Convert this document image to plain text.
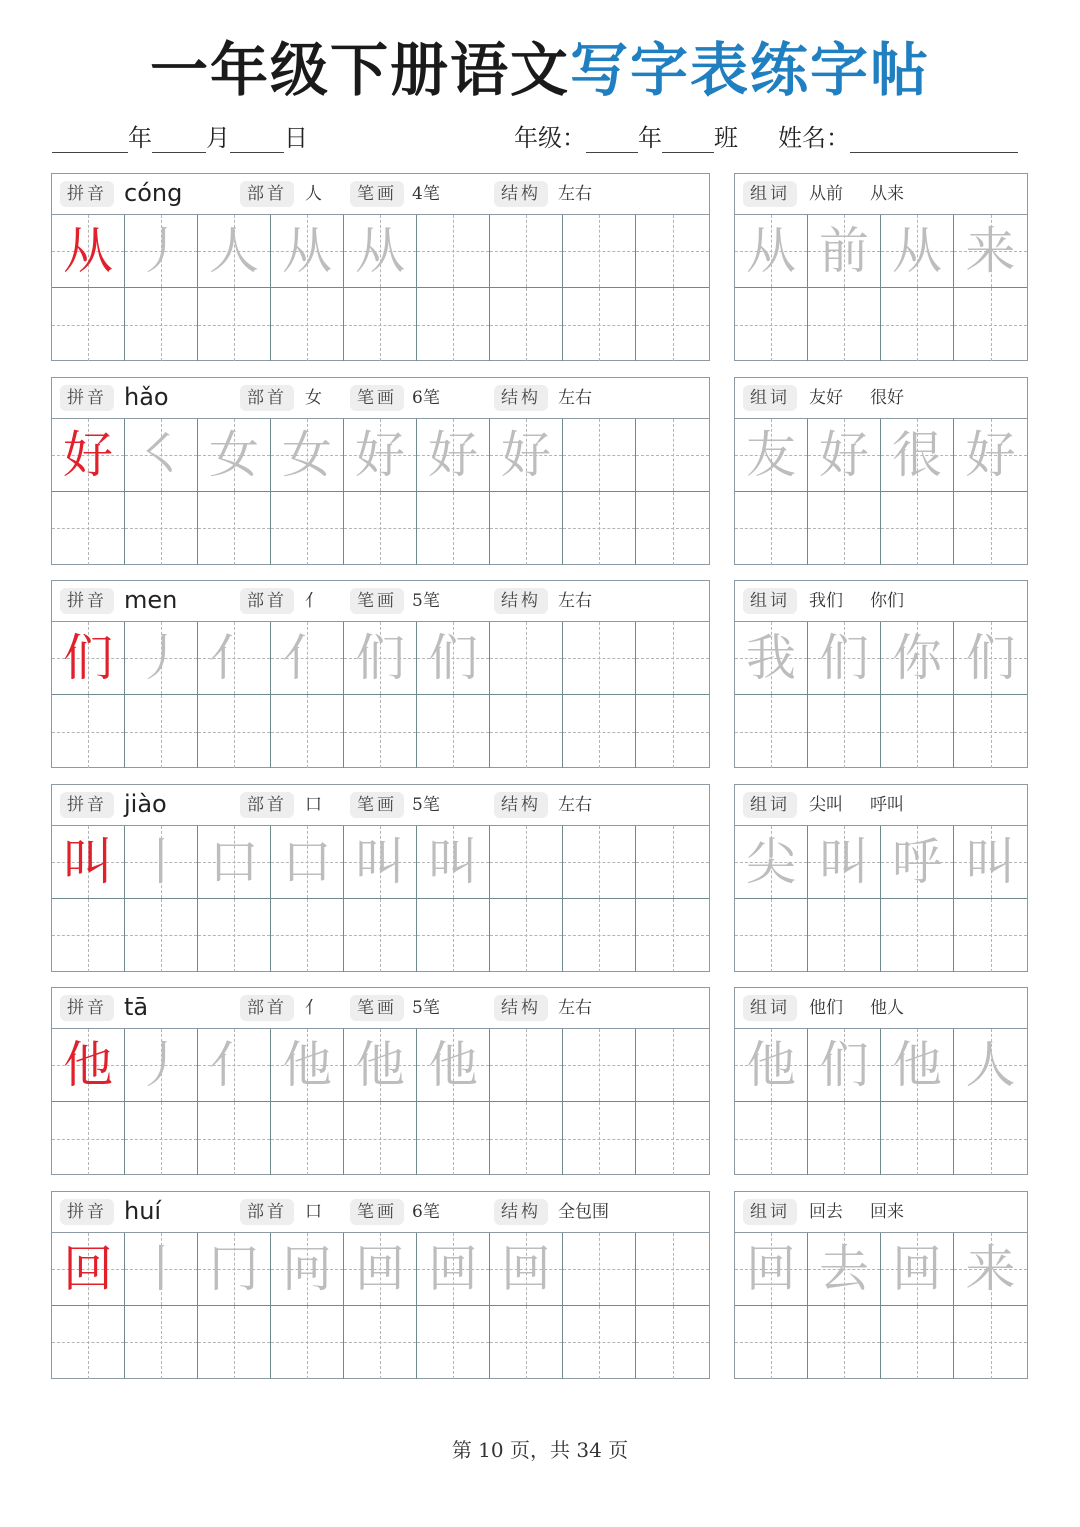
一年级下册语文写字表练字帖
年 月 日	年级： 年 班 姓名：
拼音 cóng	部首	人	笔画 4笔	结构	左右
从 丿 人 从 从
组词	从前 从来
从 前 从 来
拼音 hǎo	部首	女	笔画 6笔	结构	左右
好 ㇛ 女 女 好 好 好
组词	友好 很好
友 好 很 好
拼音 men	部首	亻	笔画 5笔	结构	左右
们 丿 亻 亻 们 们
组词	我们 你们
我 们 你 们
拼音 jiào	部首	口	笔画 5笔	结构	左右
叫 丨 口 口 叫 叫
组词	尖叫 呼叫
尖 叫 呼 叫
拼音 tā	部首	亻	笔画 5笔	结构	左右
他 丿 亻 他 他 他
组词	他们 他人
他 们 他 人
拼音 huí	部首	口	笔画 6笔	结构	全包围
回 丨 冂 冋 回 回 回
组词	回去 回来
回 去 回 来
第 10 页，共 34 页
